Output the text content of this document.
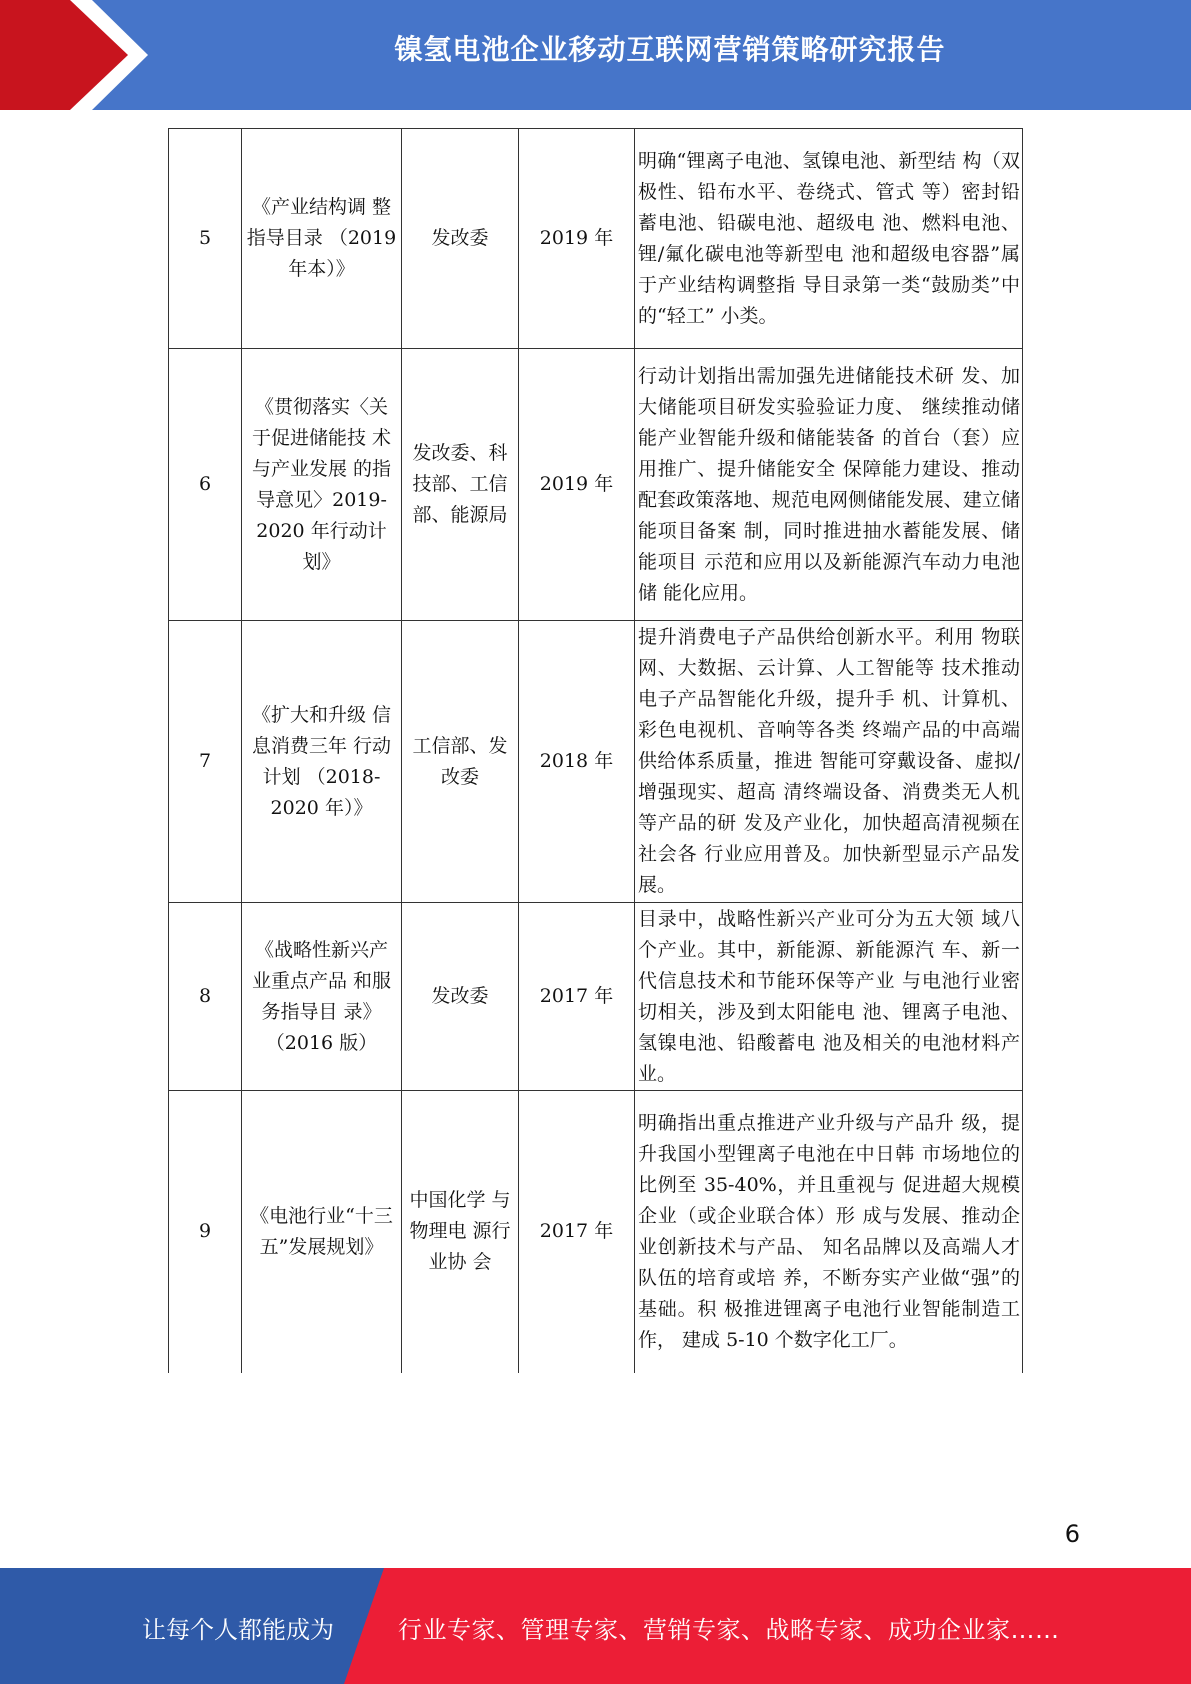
镍氢电池企业移动互联网营销策略研究报告
5	《产业结构调 整指导目录 （2019 年本）》	发改委	2019 年	明确“锂离子电池、氢镍电池、新型结 构（双极性、铅布水平、卷绕式、管式 等）密封铅蓄电池、铅碳电池、超级电 池、燃料电池、锂/氟化碳电池等新型电 池和超级电容器”属于产业结构调整指 导目录第一类“鼓励类”中的“轻工” 小类。
6	《贯彻落实〈关于促进储能技 术与产业发展 的指导意见〉2019-2020 年行动计划》	发改委、科技部、工信部、能源局	2019 年	行动计划指出需加强先进储能技术研 发、加大储能项目研发实验验证力度、 继续推动储能产业智能升级和储能装备 的首台（套）应用推广、提升储能安全 保障能力建设、推动配套政策落地、规范电网侧储能发展、建立储能项目备案 制，同时推进抽水蓄能发展、储能项目 示范和应用以及新能源汽车动力电池储 能化应用。
7	《扩大和升级 信息消费三年 行动计划 （2018-2020 年）》	工信部、发改委	2018 年	提升消费电子产品供给创新水平。利用 物联网、大数据、云计算、人工智能等 技术推动电子产品智能化升级，提升手 机、计算机、彩色电视机、音响等各类 终端产品的中高端供给体系质量，推进 智能可穿戴设备、虚拟/增强现实、超高 清终端设备、消费类无人机等产品的研 发及产业化，加快超高清视频在社会各 行业应用普及。加快新型显示产品发展。
8	《战略性新兴产业重点产品 和服务指导目 录》（2016 版）	发改委	2017 年	目录中，战略性新兴产业可分为五大领 域八个产业。其中，新能源、新能源汽 车、新一代信息技术和节能环保等产业 与电池行业密切相关，涉及到太阳能电 池、锂离子电池、氢镍电池、铅酸蓄电 池及相关的电池材料产业。
9	《电池行业“十三五”发展规划》	中国化学 与物理电 源行业协 会	2017 年	明确指出重点推进产业升级与产品升 级，提升我国小型锂离子电池在中日韩 市场地位的比例至 35-40%，并且重视与 促进超大规模企业（或企业联合体）形 成与发展、推动企业创新技术与产品、 知名品牌以及高端人才队伍的培育或培 养，不断夯实产业做“强”的基础。积 极推进锂离子电池行业智能制造工作， 建成 5-10 个数字化工厂。
6
让每个人都能成为	行业专家、管理专家、营销专家、战略专家、成功企业家……
